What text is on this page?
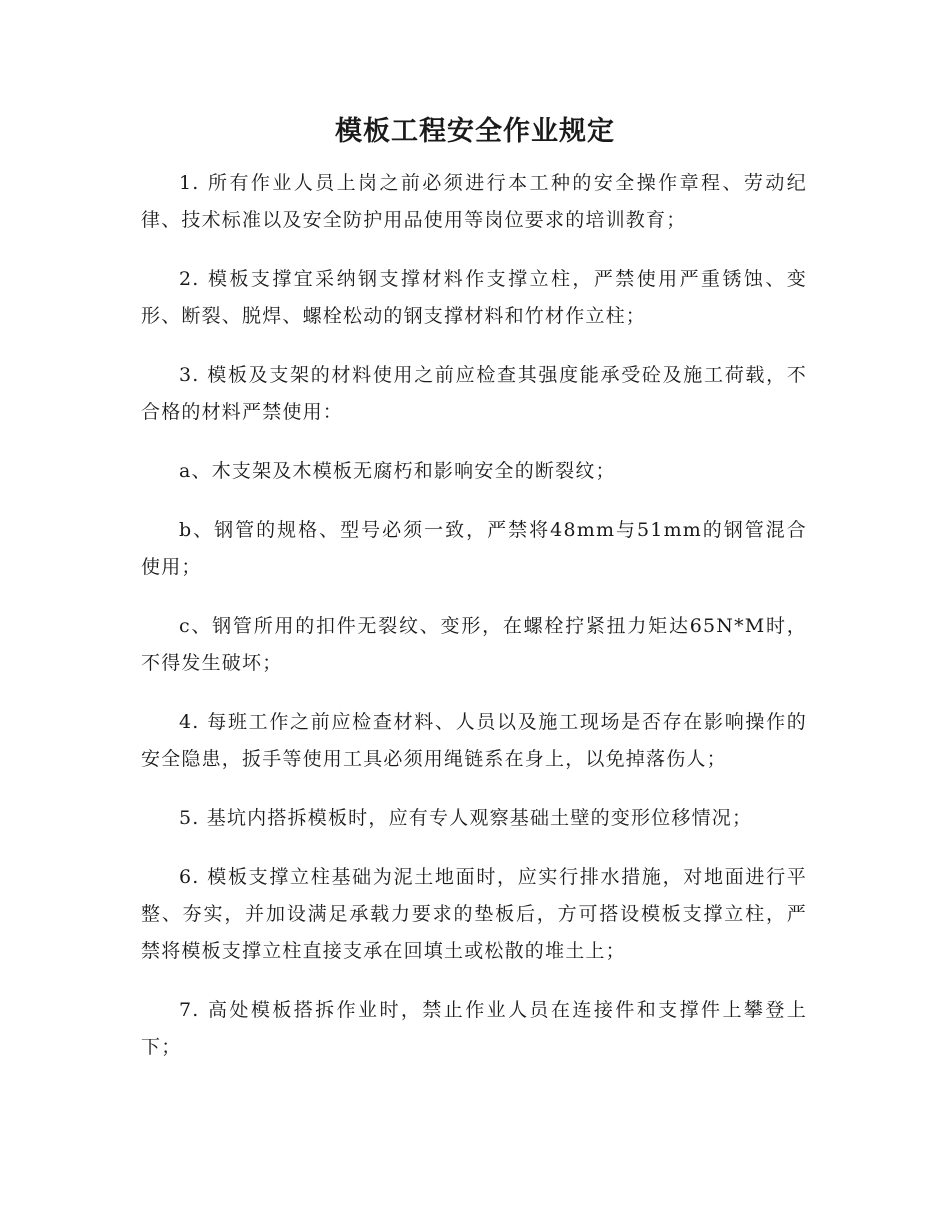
模板工程安全作业规定

1. 所有作业人员上岗之前必须进行本工种的安全操作章程、劳动纪律、技术标准以及安全防护用品使用等岗位要求的培训教育；

2. 模板支撑宜采纳钢支撑材料作支撑立柱，严禁使用严重锈蚀、变形、断裂、脱焊、螺栓松动的钢支撑材料和竹材作立柱；

3. 模板及支架的材料使用之前应检查其强度能承受砼及施工荷载，不合格的材料严禁使用：

a、木支架及木模板无腐朽和影响安全的断裂纹；

b、钢管的规格、型号必须一致，严禁将48mm与51mm的钢管混合使用；

c、钢管所用的扣件无裂纹、变形，在螺栓拧紧扭力矩达65N*M时，不得发生破坏；

4. 每班工作之前应检查材料、人员以及施工现场是否存在影响操作的安全隐患，扳手等使用工具必须用绳链系在身上，以免掉落伤人；

5. 基坑内搭拆模板时，应有专人观察基础土壁的变形位移情况；

6. 模板支撑立柱基础为泥土地面时，应实行排水措施，对地面进行平整、夯实，并加设满足承载力要求的垫板后，方可搭设模板支撑立柱，严禁将模板支撑立柱直接支承在回填土或松散的堆土上；

7. 高处模板搭拆作业时，禁止作业人员在连接件和支撑件上攀登上下；
